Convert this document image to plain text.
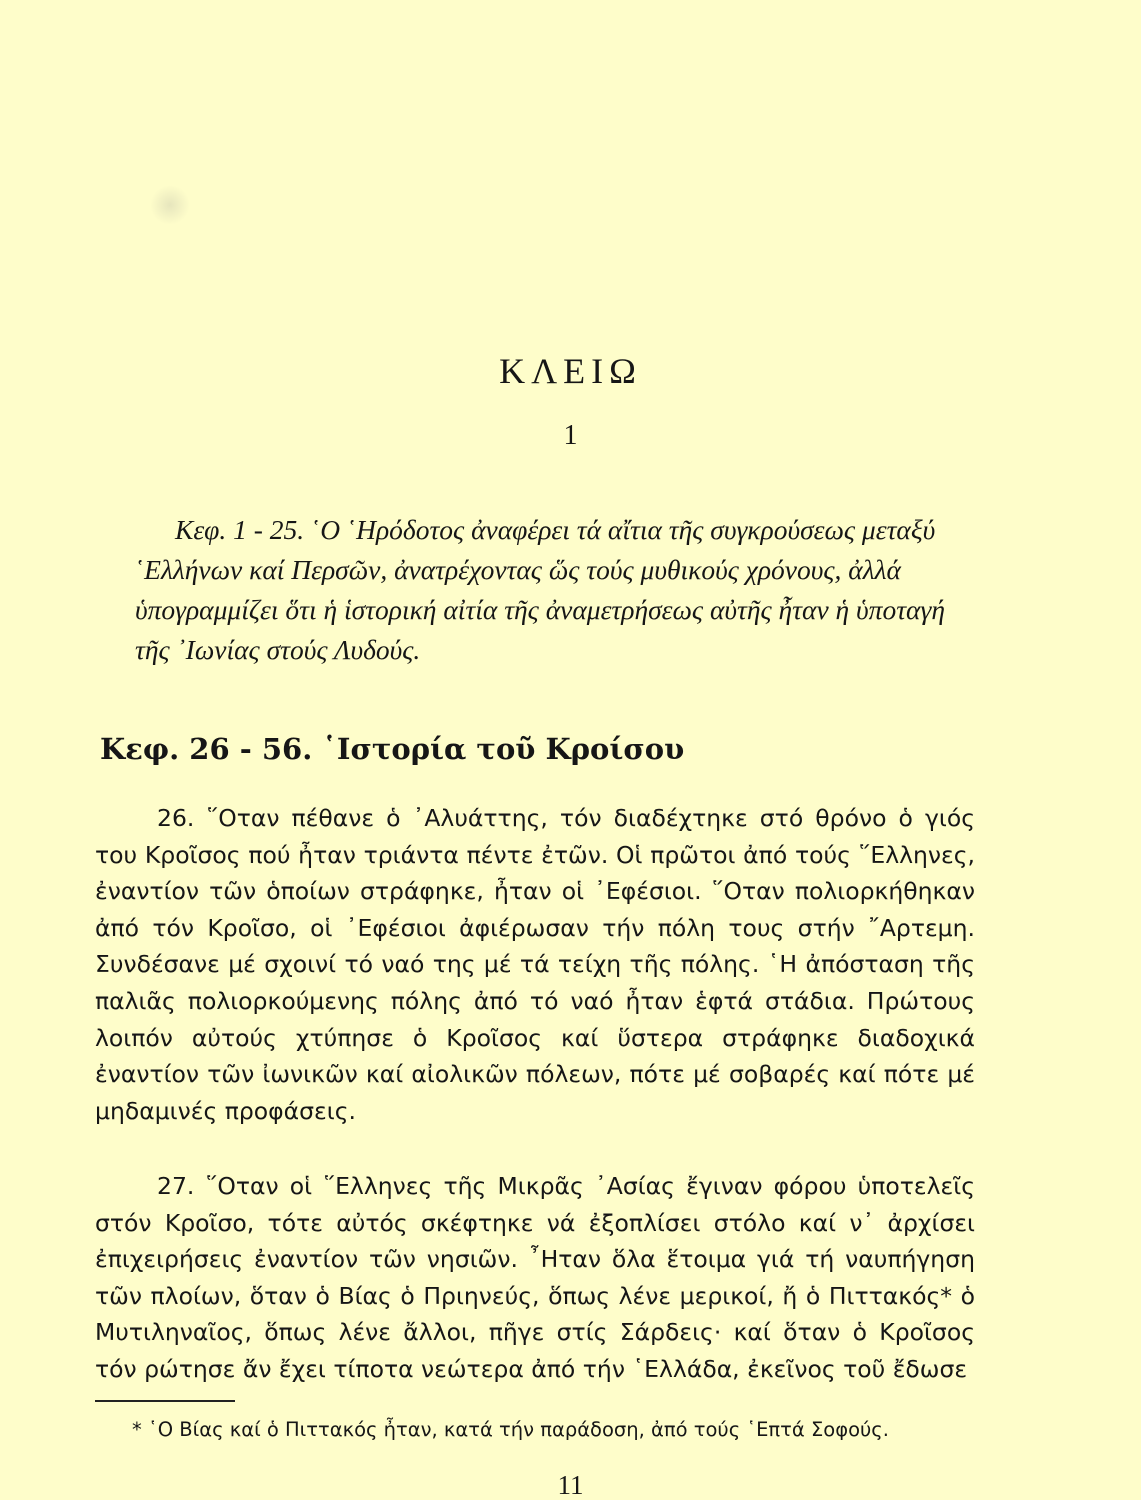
ΚΛΕΙΩ
1

Κεφ. 1 - 25. ῾Ο ῾Ηρόδοτος ἀναφέρει τά αἴτια τῆς συγκρούσεως μεταξύ ῾Ελλήνων καί Περσῶν, ἀνατρέχοντας ὥς τούς μυθικούς χρόνους, ἀλλά ὑπογραμμίζει ὅτι ἡ ἱστορική αἰτία τῆς ἀναμετρήσεως αὐτῆς ἦταν ἡ ὑποταγή τῆς ᾿Ιωνίας στούς Λυδούς.

Κεφ. 26 - 56. ῾Ιστορία τοῦ Κροίσου

26. ῞Οταν πέθανε ὁ ᾿Αλυάττης, τόν διαδέχτηκε στό θρόνο ὁ γιός του Κροῖσος πού ἦταν τριάντα πέντε ἐτῶν. Οἱ πρῶτοι ἀπό τούς ῞Ελληνες, ἐναντίον τῶν ὁποίων στράφηκε, ἦταν οἱ ᾿Εφέσιοι. ῞Οταν πολιορκήθηκαν ἀπό τόν Κροῖσο, οἱ ᾿Εφέσιοι ἀφιέρωσαν τήν πόλη τους στήν ῎Αρτεμη. Συνδέσανε μέ σχοινί τό ναό της μέ τά τείχη τῆς πόλης. ῾Η ἀπόσταση τῆς παλιᾶς πολιορκούμενης πόλης ἀπό τό ναό ἦταν ἑφτά στάδια. Πρώτους λοιπόν αὐτούς χτύπησε ὁ Κροῖσος καί ὕστερα στράφηκε διαδοχικά ἐναντίον τῶν ἰωνικῶν καί αἰολικῶν πόλεων, πότε μέ σοβαρές καί πότε μέ μηδαμινές προφάσεις.

27. ῞Οταν οἱ ῞Ελληνες τῆς Μικρᾶς ᾿Ασίας ἔγιναν φόρου ὑποτελεῖς στόν Κροῖσο, τότε αὐτός σκέφτηκε νά ἐξοπλίσει στόλο καί ν᾿ ἀρχίσει ἐπιχειρήσεις ἐναντίον τῶν νησιῶν. ῏Ηταν ὅλα ἕτοιμα γιά τή ναυπήγηση τῶν πλοίων, ὅταν ὁ Βίας ὁ Πριηνεύς, ὅπως λένε μερικοί, ἤ ὁ Πιττακός* ὁ Μυτιληναῖος, ὅπως λένε ἄλλοι, πῆγε στίς Σάρδεις· καί ὅταν ὁ Κροῖσος τόν ρώτησε ἄν ἔχει τίποτα νεώτερα ἀπό τήν ῾Ελλάδα, ἐκεῖνος τοῦ ἔδωσε

* ῾Ο Βίας καί ὁ Πιττακός ἦταν, κατά τήν παράδοση, ἀπό τούς ῾Επτά Σοφούς.

11
